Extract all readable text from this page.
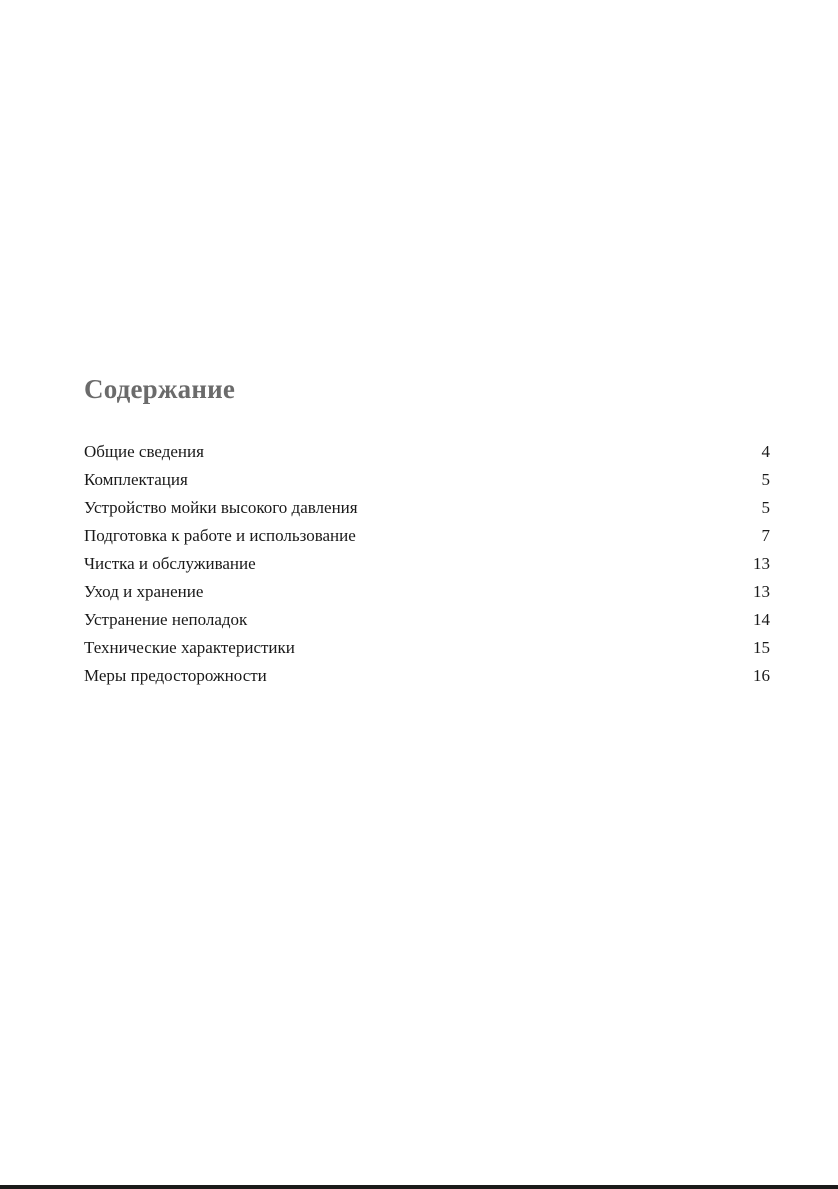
Содержание
Общие сведения	4
Комплектация	5
Устройство мойки высокого давления	5
Подготовка к работе и использование	7
Чистка и обслуживание	13
Уход и хранение	13
Устранение неполадок	14
Технические характеристики	15
Меры предосторожности	16
